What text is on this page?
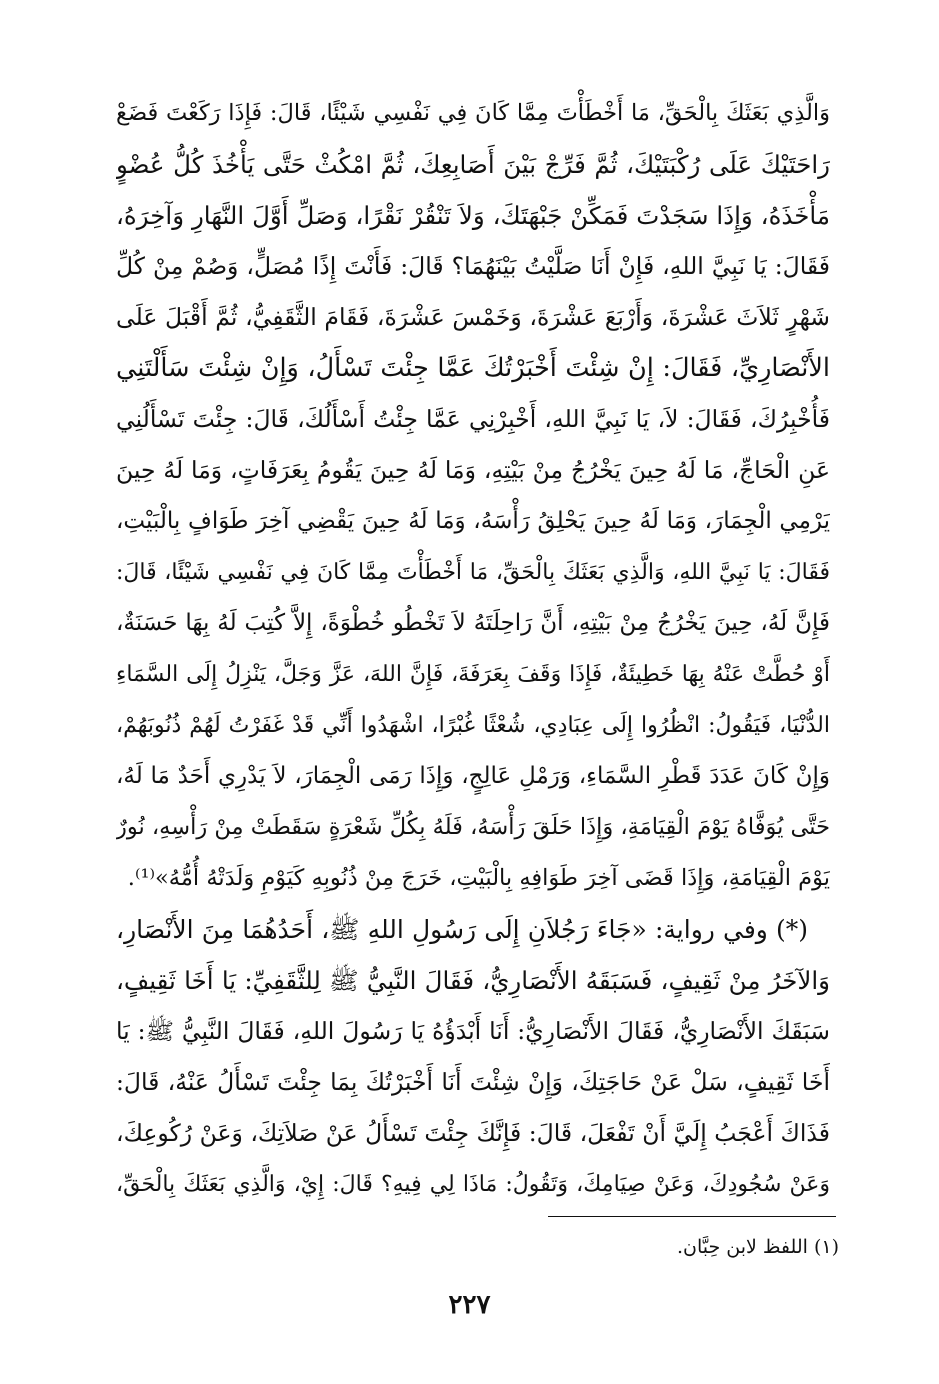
وَالَّذِي بَعَثَكَ بِالْحَقِّ، مَا أَخْطَأْتَ مِمَّا كَانَ فِي نَفْسِي شَيْئًا، قَالَ: فَإِذَا رَكَعْتَ فَضَعْ
رَاحَتَيْكَ عَلَى رُكْبَتَيْكَ، ثُمَّ فَرِّجْ بَيْنَ أَصَابِعِكَ، ثُمَّ امْكُثْ حَتَّى يَأْخُذَ كُلُّ عُضْوٍ
مَأْخَذَهُ، وَإِذَا سَجَدْتَ فَمَكِّنْ جَبْهَتَكَ، وَلاَ تَنْقُرْ نَقْرًا، وَصَلِّ أَوَّلَ النَّهَارِ وَآخِرَهُ،
فَقَالَ: يَا نَبِيَّ اللهِ، فَإِنْ أَنَا صَلَّيْتُ بَيْنَهُمَا؟ قَالَ: فَأَنْتَ إِذًا مُصَلٍّ، وَصُمْ مِنْ كُلِّ
شَهْرٍ ثَلاَثَ عَشْرَةَ، وَأَرْبَعَ عَشْرَةَ، وَخَمْسَ عَشْرَةَ، فَقَامَ الثَّقَفِيُّ، ثُمَّ أَقْبَلَ عَلَى
الأَنْصَارِيِّ، فَقَالَ: إِنْ شِئْتَ أَخْبَرْتُكَ عَمَّا جِئْتَ تَسْأَلُ، وَإِنْ شِئْتَ سَأَلْتَنِي
فَأُخْبِرُكَ، فَقَالَ: لاَ، يَا نَبِيَّ اللهِ، أَخْبِرْنِي عَمَّا جِئْتُ أَسْأَلُكَ، قَالَ: جِئْتَ تَسْأَلُنِي
عَنِ الْحَاجِّ، مَا لَهُ حِينَ يَخْرُجُ مِنْ بَيْتِهِ، وَمَا لَهُ حِينَ يَقُومُ بِعَرَفَاتٍ، وَمَا لَهُ حِينَ
يَرْمِي الْجِمَارَ، وَمَا لَهُ حِينَ يَحْلِقُ رَأْسَهُ، وَمَا لَهُ حِينَ يَقْضِي آخِرَ طَوَافٍ بِالْبَيْتِ،
فَقَالَ: يَا نَبِيَّ اللهِ، وَالَّذِي بَعَثَكَ بِالْحَقِّ، مَا أَخْطَأْتَ مِمَّا كَانَ فِي نَفْسِي شَيْئًا، قَالَ:
فَإِنَّ لَهُ، حِينَ يَخْرُجُ مِنْ بَيْتِهِ، أَنَّ رَاحِلَتَهُ لاَ تَخْطُو خُطْوَةً، إِلاَّ كُتِبَ لَهُ بِهَا حَسَنَةٌ،
أَوْ حُطَّتْ عَنْهُ بِهَا خَطِيئَةٌ، فَإِذَا وَقَفَ بِعَرَفَةَ، فَإِنَّ اللهَ، عَزَّ وَجَلَّ، يَنْزِلُ إِلَى السَّمَاءِ
الدُّنْيَا، فَيَقُولُ: انْظُرُوا إِلَى عِبَادِي، شُعْثًا غُبْرًا، اشْهَدُوا أَنِّي قَدْ غَفَرْتُ لَهُمْ ذُنُوبَهُمْ،
وَإِنْ كَانَ عَدَدَ قَطْرِ السَّمَاءِ، وَرَمْلِ عَالِجٍ، وَإِذَا رَمَى الْجِمَارَ، لاَ يَدْرِي أَحَدٌ مَا لَهُ،
حَتَّى يُوَفَّاهُ يَوْمَ الْقِيَامَةِ، وَإِذَا حَلَقَ رَأْسَهُ، فَلَهُ بِكُلِّ شَعْرَةٍ سَقَطَتْ مِنْ رَأْسِهِ، نُورٌ
يَوْمَ الْقِيَامَةِ، وَإِذَا قَضَى آخِرَ طَوَافِهِ بِالْبَيْتِ، خَرَجَ مِنْ ذُنُوبِهِ كَيَوْمِ وَلَدَتْهُ أُمُّهُ»⁽¹⁾.
(*) وفي رواية: «جَاءَ رَجُلاَنِ إِلَى رَسُولِ اللهِ ﷺ، أَحَدُهُمَا مِنَ الأَنْصَارِ،
وَالآخَرُ مِنْ ثَقِيفٍ، فَسَبَقَهُ الأَنْصَارِيُّ، فَقَالَ النَّبِيُّ ﷺ لِلثَّقَفِيِّ: يَا أَخَا ثَقِيفٍ،
سَبَقَكَ الأَنْصَارِيُّ، فَقَالَ الأَنْصَارِيُّ: أَنَا أَبْدَؤُهُ يَا رَسُولَ اللهِ، فَقَالَ النَّبِيُّ ﷺ: يَا
أَخَا ثَقِيفٍ، سَلْ عَنْ حَاجَتِكَ، وَإِنْ شِئْتَ أَنَا أَخْبَرْتُكَ بِمَا جِئْتَ تَسْأَلُ عَنْهُ، قَالَ:
فَذَاكَ أَعْجَبُ إِلَيَّ أَنْ تَفْعَلَ، قَالَ: فَإِنَّكَ جِئْتَ تَسْأَلُ عَنْ صَلاَتِكَ، وَعَنْ رُكُوعِكَ،
وَعَنْ سُجُودِكَ، وَعَنْ صِيَامِكَ، وَتَقُولُ: مَاذَا لِي فِيهِ؟ قَالَ: إِيْ، وَالَّذِي بَعَثَكَ بِالْحَقِّ،
(١) اللفظ لابن حِبَّان.
٢٢٧
